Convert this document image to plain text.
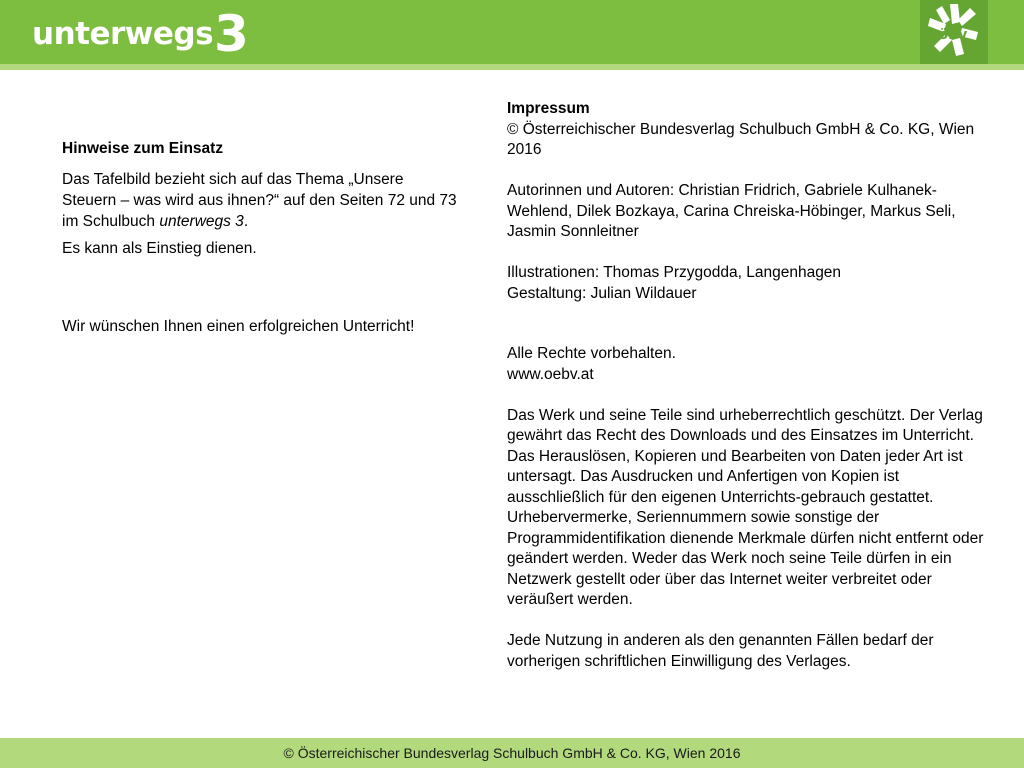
unterwegs 3	öbv

Hinweise zum Einsatz

Das Tafelbild bezieht sich auf das Thema „Unsere Steuern – was wird aus ihnen?“ auf den Seiten 72 und 73 im Schulbuch unterwegs 3.

Es kann als Einstieg dienen.

Wir wünschen Ihnen einen erfolgreichen Unterricht!

Impressum

© Österreichischer Bundesverlag Schulbuch GmbH & Co. KG, Wien 2016

Autorinnen und Autoren: Christian Fridrich, Gabriele Kulhanek-Wehlend, Dilek Bozkaya, Carina Chreiska-Höbinger, Markus Seli, Jasmin Sonnleitner

Illustrationen: Thomas Przygodda, Langenhagen

Gestaltung: Julian Wildauer

Alle Rechte vorbehalten.

www.oebv.at

Das Werk und seine Teile sind urheberrechtlich geschützt. Der Verlag gewährt das Recht des Downloads und des Einsatzes im Unterricht. Das Herauslösen, Kopieren und Bearbeiten von Daten jeder Art ist untersagt. Das Ausdrucken und Anfertigen von Kopien ist ausschließlich für den eigenen Unterrichts-gebrauch gestattet. Urhebervermerke, Seriennummern sowie sonstige der Programmidentifikation dienende Merkmale dürfen nicht entfernt oder geändert werden. Weder das Werk noch seine Teile dürfen in ein Netzwerk gestellt oder über das Internet weiter verbreitet oder veräußert werden.

Jede Nutzung in anderen als den genannten Fällen bedarf der vorherigen schriftlichen Einwilligung des Verlages.

© Österreichischer Bundesverlag Schulbuch GmbH & Co. KG, Wien 2016
